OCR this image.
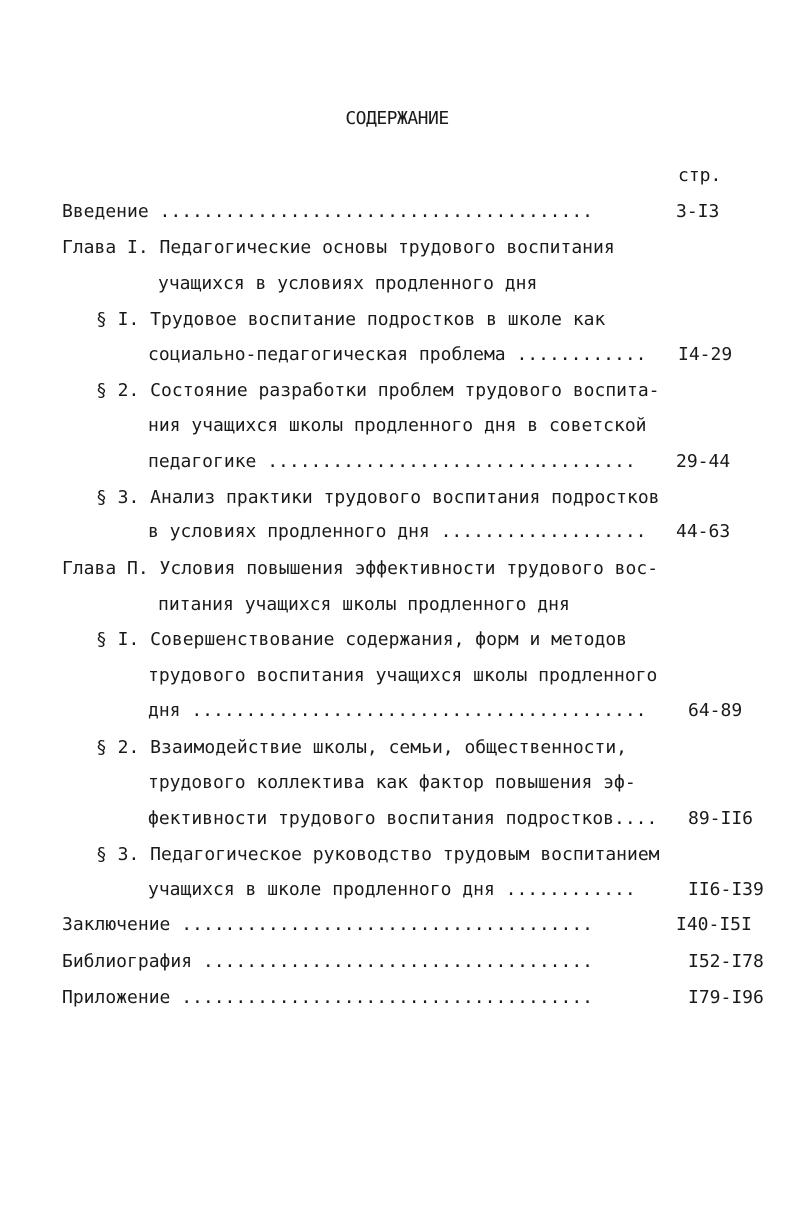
СОДЕРЖАНИЕ
стр.
Введение ........................................	3-I3
Глава I. Педагогические основы трудового воспитания
учащихся в условиях продленного дня
§ I. Трудовое воспитание подростков в школе как
социально-педагогическая проблема ............ I4-29
§ 2. Состояние разработки проблем трудового воспита-
ния учащихся школы продленного дня в советской
педагогике .................................. 29-44
§ 3. Анализ практики трудового воспитания подростков
в условиях продленного дня ................... 44-63
Глава П. Условия повышения эффективности трудового вос-
питания учащихся школы продленного дня
§ I. Совершенствование содержания, форм и методов
трудового воспитания учащихся школы продленного
дня .......................................... 64-89
§ 2. Взаимодействие школы, семьи, общественности,
трудового коллектива как фактор повышения эф-
фективности трудового воспитания подростков.... 89-II6
§ 3. Педагогическое руководство трудовым воспитанием
учащихся в школе продленного дня ............	II6-I39
Заключение ......................................	I40-I5I
Библиография ....................................	I52-I78
Приложение ......................................	I79-I96
